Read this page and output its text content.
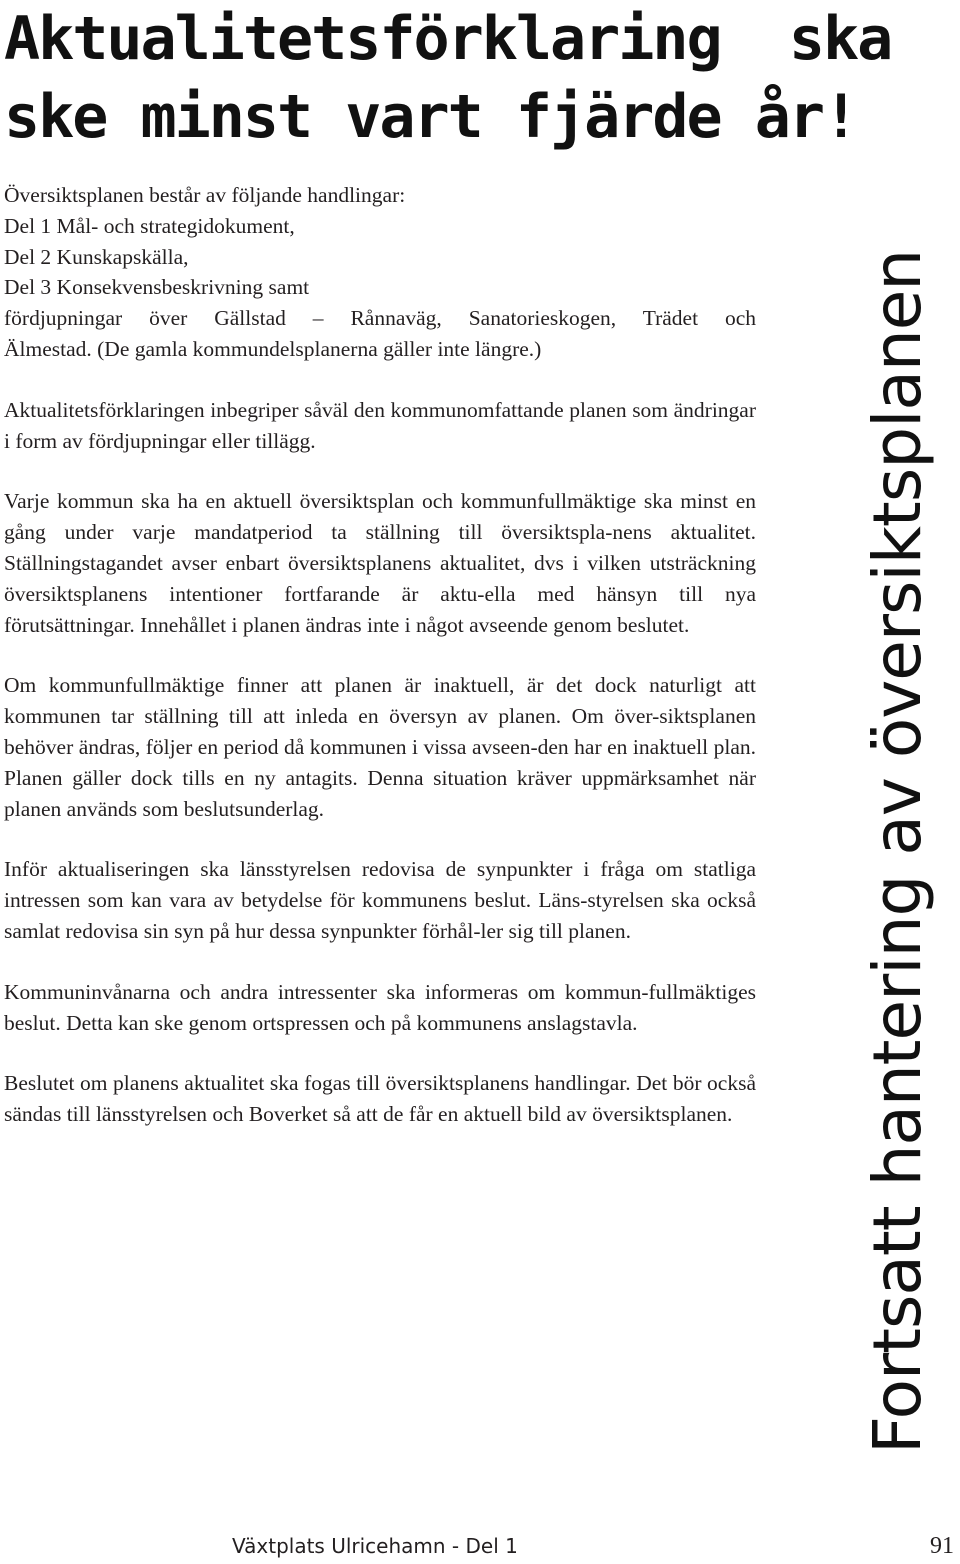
Aktualitetsförklaring  ska
ske minst vart fjärde år!

Översiktsplanen består av följande handlingar:

Del 1 Mål- och strategidokument,

Del 2 Kunskapskälla,

Del 3 Konsekvensbeskrivning samt

fördjupningar över Gällstad – Rånnaväg, Sanatorieskogen, Trädet och

Älmestad. (De gamla kommundelsplanerna gäller inte längre.)

Aktualitetsförklaringen inbegriper såväl den kommunomfattande planen som ändringar i form av fördjupningar eller tillägg.

Varje kommun ska ha en aktuell översiktsplan och kommunfullmäktige ska minst en gång under varje mandatperiod ta ställning till översiktspla-nens aktualitet. Ställningstagandet avser enbart översiktsplanens aktualitet, dvs i vilken utsträckning översiktsplanens intentioner fortfarande är aktu-ella med hänsyn till nya förutsättningar. Innehållet i planen ändras inte i något avseende genom beslutet.

Om kommunfullmäktige finner att planen är inaktuell, är det dock naturligt att kommunen tar ställning till att inleda en översyn av planen. Om över-siktsplanen behöver ändras, följer en period då kommunen i vissa avseen-den har en inaktuell plan. Planen gäller dock tills en ny antagits. Denna situation kräver uppmärksamhet när planen används som beslutsunderlag.

Inför aktualiseringen ska länsstyrelsen redovisa de synpunkter i fråga om statliga intressen som kan vara av betydelse för kommunens beslut. Läns-styrelsen ska också samlat redovisa sin syn på hur dessa synpunkter förhål-ler sig till planen.

Kommuninvånarna och andra intressenter ska informeras om kommun-fullmäktiges beslut. Detta kan ske genom ortspressen och på kommunens anslagstavla.

Beslutet om planens aktualitet ska fogas till översiktsplanens handlingar. Det bör också sändas till länsstyrelsen och Boverket så att de får en aktuell bild av översiktsplanen.	Fortsatt hantering av översiktsplanen
Växtplats Ulricehamn - Del 1	91
